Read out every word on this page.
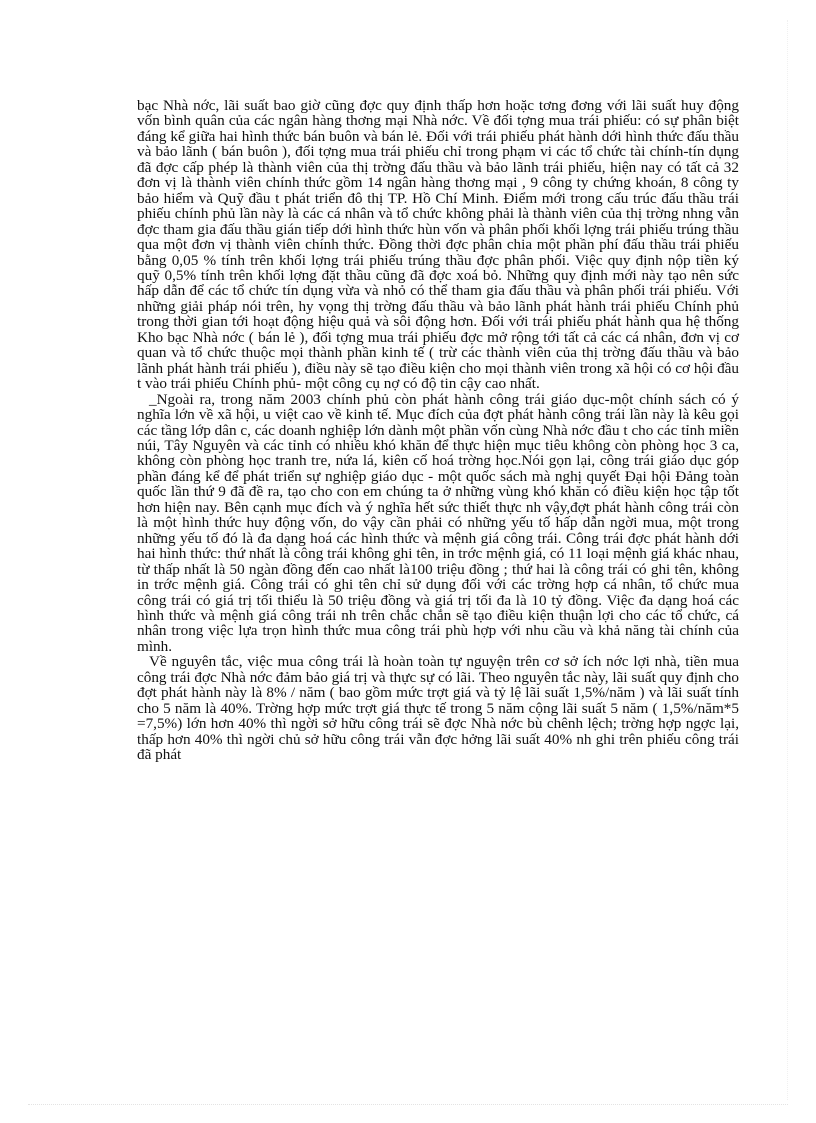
bạc Nhà nớc, lãi suất bao giờ cũng đợc quy định thấp hơn hoặc tơng đơng với lãi suất huy động vốn bình quân của các ngân hàng thơng mại Nhà nớc. Về đối tợng mua trái phiếu: có sự phân biệt đáng kể giữa hai hình thức bán buôn và bán lẻ. Đối với trái phiếu phát hành dới hình thức đấu thầu và bảo lãnh ( bán buôn ), đối tợng mua trái phiếu chỉ trong phạm vi các tổ chức tài chính-tín dụng đã đợc cấp phép là thành viên của thị trờng đấu thầu và bảo lãnh trái phiếu, hiện nay có tất cả 32 đơn vị là thành viên chính thức gồm 14 ngân hàng thơng mại , 9 công ty chứng khoán, 8 công ty bảo hiểm và Quỹ đầu t phát triển đô thị TP. Hồ Chí Minh. Điểm mới trong cấu trúc đấu thầu trái phiếu chính phủ lần này là các cá nhân và tổ chức không phải là thành viên của thị trờng nhng vẫn đợc tham gia đấu thầu gián tiếp dới hình thức hùn vốn và phân phối khối lợng trái phiếu trúng thầu qua một đơn vị thành viên chính thức. Đồng thời đợc phân chia một phần phí đấu thầu trái phiếu bằng 0,05 % tính trên khối lợng trái phiếu trúng thầu đợc phân phối. Việc quy định nộp tiền ký quỹ 0,5% tính trên khối lợng đặt thầu cũng đã đợc xoá bỏ. Những quy định mới này tạo nên sức hấp dẫn để các tổ chức tín dụng vừa và nhỏ có thể tham gia đấu thầu và phân phối trái phiếu. Với những giải pháp nói trên, hy vọng thị trờng đấu thầu và bảo lãnh phát hành trái phiếu Chính phủ trong thời gian tới hoạt động hiệu quả và sôi động hơn. Đối với trái phiếu phát hành qua hệ thống Kho bạc Nhà nớc ( bán lẻ ), đối tợng mua trái phiếu đợc mở rộng tới tất cả các cá nhân, đơn vị cơ quan và tổ chức thuộc mọi thành phần kinh tế ( trừ các thành viên của thị trờng đấu thầu và bảo lãnh phát hành trái phiếu ), điều này sẽ tạo điều kiện cho mọi thành viên trong xã hội có cơ hội đầu t vào trái phiếu Chính phủ- một công cụ nợ có độ tin cậy cao nhất.

_Ngoài ra, trong năm 2003 chính phủ còn phát hành công trái giáo dục-một chính sách có ý nghĩa lớn về xã hội, u việt cao về kinh tế. Mục đích của đợt phát hành công trái lần này là kêu gọi các tầng lớp dân c, các doanh nghiệp lớn dành một phần vốn cùng Nhà nớc đầu t cho các tỉnh miền núi, Tây Nguyên và các tỉnh có nhiều khó khăn để thực hiện mục tiêu không còn phòng học 3 ca, không còn phòng học tranh tre, nứa lá, kiên cố hoá trờng học.Nói gọn lại, công trái giáo dục góp phần đáng kể để phát triển sự nghiệp giáo dục - một quốc sách mà nghị quyết Đại hội Đảng toàn quốc lần thứ 9 đã đề ra, tạo cho con em chúng ta ở những vùng khó khăn có điều kiện học tập tốt hơn hiện nay. Bên cạnh mục đích và ý nghĩa hết sức thiết thực nh vậy,đợt phát hành công trái còn là một hình thức huy động vốn, do vậy cần phải có những yếu tố hấp dẫn ngời mua, một trong những yếu tố đó là đa dạng hoá các hình thức và mệnh giá công trái. Công trái đợc phát hành dới hai hình thức: thứ nhất là công trái không ghi tên, in trớc mệnh giá, có 11 loại mệnh giá khác nhau, từ thấp nhất là 50 ngàn đồng đến cao nhất là100 triệu đồng ; thứ hai là công trái có ghi tên, không in trớc mệnh giá. Công trái có ghi tên chỉ sử dụng đối với các trờng hợp cá nhân, tổ chức mua công trái có giá trị tối thiểu là 50 triệu đồng và giá trị tối đa là 10 tỷ đồng. Việc đa dạng hoá các hình thức và mệnh giá công trái nh trên chắc chắn sẽ tạo điều kiện thuận lợi cho các tổ chức, cá nhân trong việc lựa trọn hình thức mua công trái phù hợp với nhu cầu và khả năng tài chính của mình.

Về nguyên tắc, việc mua công trái là hoàn toàn tự nguyện trên cơ sở ích nớc lợi nhà, tiền mua công trái đợc Nhà nớc đảm bảo giá trị và thực sự có lãi. Theo nguyên tắc này, lãi suất quy định cho đợt phát hành này là 8% / năm ( bao gồm mức trợt giá và tỷ lệ lãi suất 1,5%/năm ) và lãi suất tính cho 5 năm là 40%. Trờng hợp mức trợt giá thực tế trong 5 năm cộng lãi suất 5 năm ( 1,5%/năm*5 =7,5%) lớn hơn 40% thì ngời sở hữu công trái sẽ đợc Nhà nớc bù chênh lệch; trờng hợp ngợc lại, thấp hơn 40% thì ngời chủ sở hữu công trái vẫn đợc hởng lãi suất 40% nh ghi trên phiếu công trái đã phát
